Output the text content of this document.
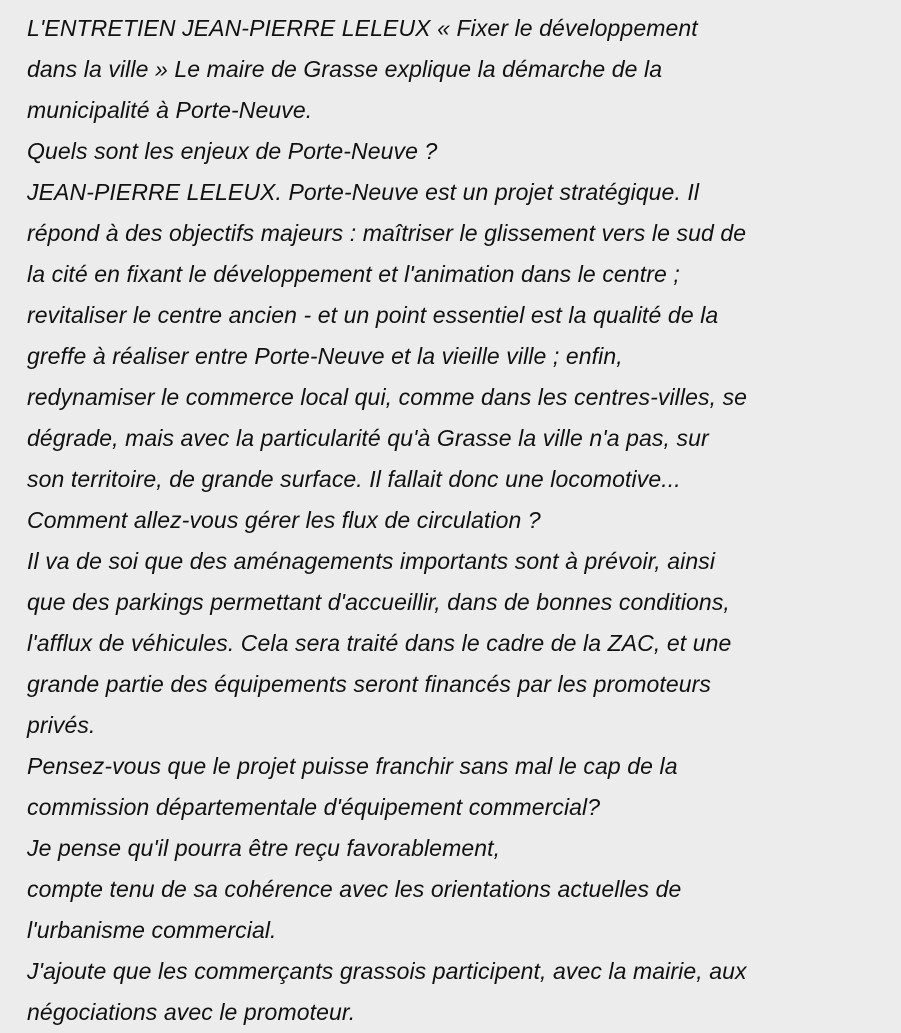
L'ENTRETIEN JEAN-PIERRE LELEUX « Fixer le développement
dans la ville » Le maire de Grasse explique la démarche de la
municipalité à Porte-Neuve.
Quels sont les enjeux de Porte-Neuve ?
JEAN-PIERRE LELEUX. Porte-Neuve est un projet stratégique. Il
répond à des objectifs majeurs : maîtriser le glissement vers le sud de
la cité en fixant le développement et l'animation dans le centre ;
revitaliser le centre ancien - et un point essentiel est la qualité de la
greffe à réaliser entre Porte-Neuve et la vieille ville ; enfin,
redynamiser le commerce local qui, comme dans les centres-villes, se
dégrade, mais avec la particularité qu'à Grasse la ville n'a pas, sur
son territoire, de grande surface. Il fallait donc une locomotive...
Comment allez-vous gérer les flux de circulation ?
Il va de soi que des aménagements importants sont à prévoir, ainsi
que des parkings permettant d'accueillir, dans de bonnes conditions,
l'afflux de véhicules. Cela sera traité dans le cadre de la ZAC, et une
grande partie des équipements seront financés par les promoteurs
privés.
Pensez-vous que le projet puisse franchir sans mal le cap de la
commission départementale d'équipement commercial?
Je pense qu'il pourra être reçu favorablement,
compte tenu de sa cohérence avec les orientations actuelles de
l'urbanisme commercial.
J'ajoute que les commerçants grassois participent, avec la mairie, aux
négociations avec le promoteur.
